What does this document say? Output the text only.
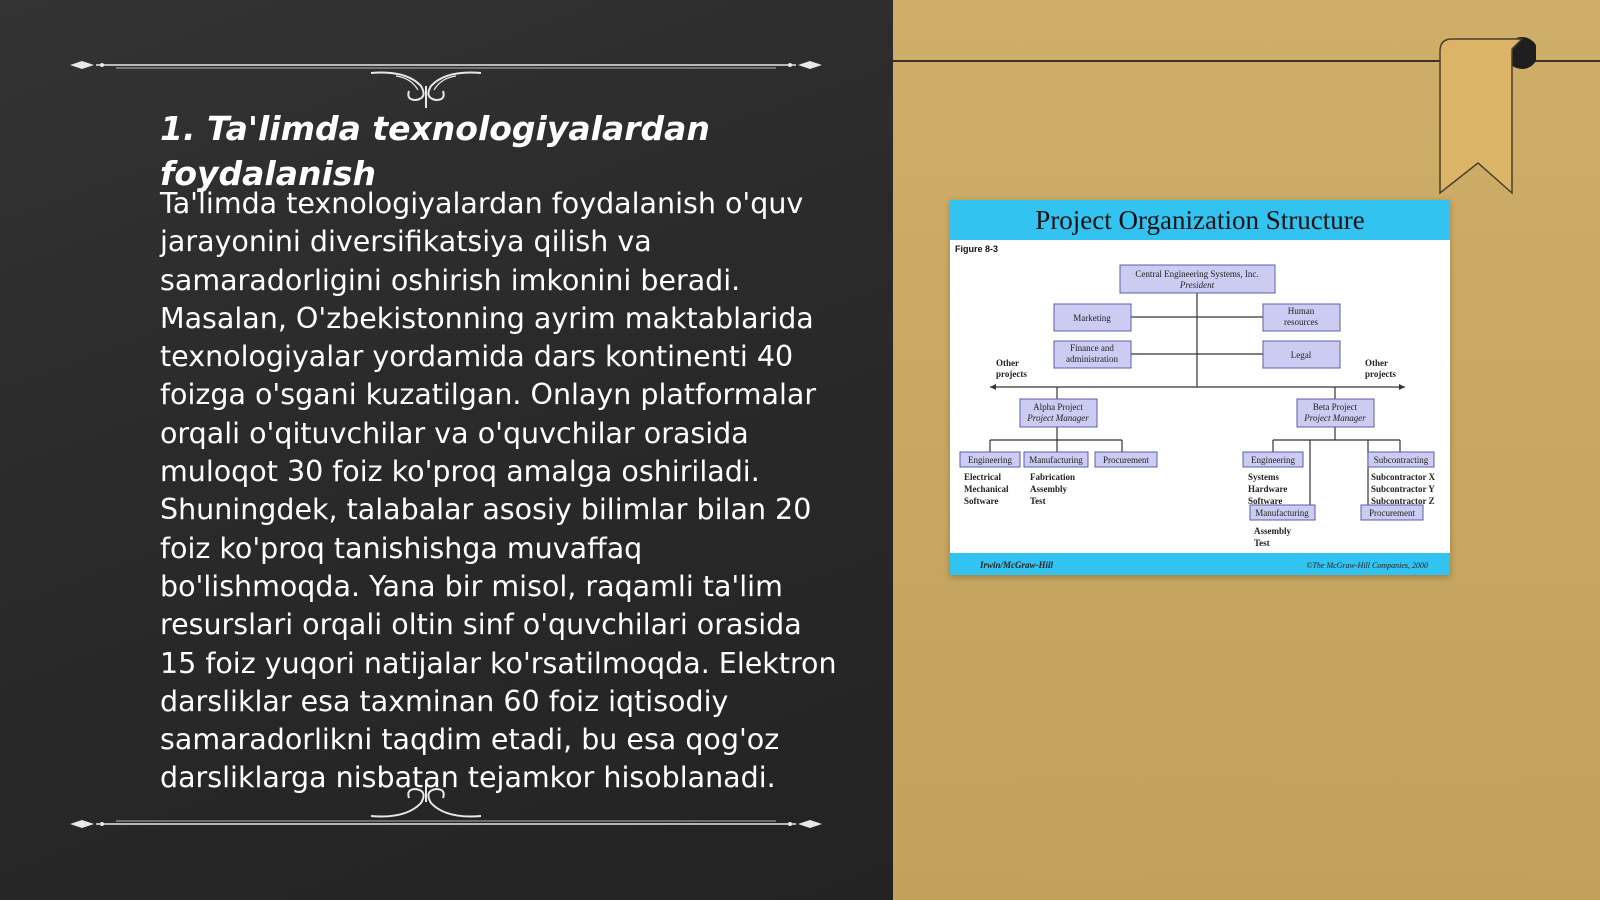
1. Ta'limda texnologiyalardan foydalanish

Ta'limda texnologiyalardan foydalanish o'quv jarayonini diversifikatsiya qilish va samaradorligini oshirish imkonini beradi. Masalan, O'zbekistonning ayrim maktablarida texnologiyalar yordamida dars kontinenti 40 foizga o'sgani kuzatilgan. Onlayn platformalar orqali o'qituvchilar va o'quvchilar orasida muloqot 30 foiz ko'proq amalga oshiriladi. Shuningdek, talabalar asosiy bilimlar bilan 20 foiz ko'proq tanishishga muvaffaq bo'lishmoqda. Yana bir misol, raqamli ta'lim resurslari orqali oltin sinf o'quvchilari orasida 15 foiz yuqori natijalar ko'rsatilmoqda. Elektron darsliklar esa taxminan 60 foiz iqtisodiy samaradorlikni taqdim etadi, bu esa qog'oz darsliklarga nisbatan tejamkor hisoblanadi.

Project Organization Structure
Figure 8-3
Central Engineering Systems, Inc.
President
Marketing
Human
resources
Finance and
administration	Legal
Alpha Project
Project Manager
Beta Project
Project Manager
Engineering Manufacturing Procurement	Engineering	Subcontracting
Manufacturing	Procurement
Other
projects
Other
projects
Electrical
Mechanical
Software
Fabrication
Assembly
Test
Systems
Hardware
Software
Assembly
Test
Subcontractor X
Subcontractor Y
Subcontractor Z
Irwin/McGraw-Hill	©The McGraw-Hill Companies, 2000
